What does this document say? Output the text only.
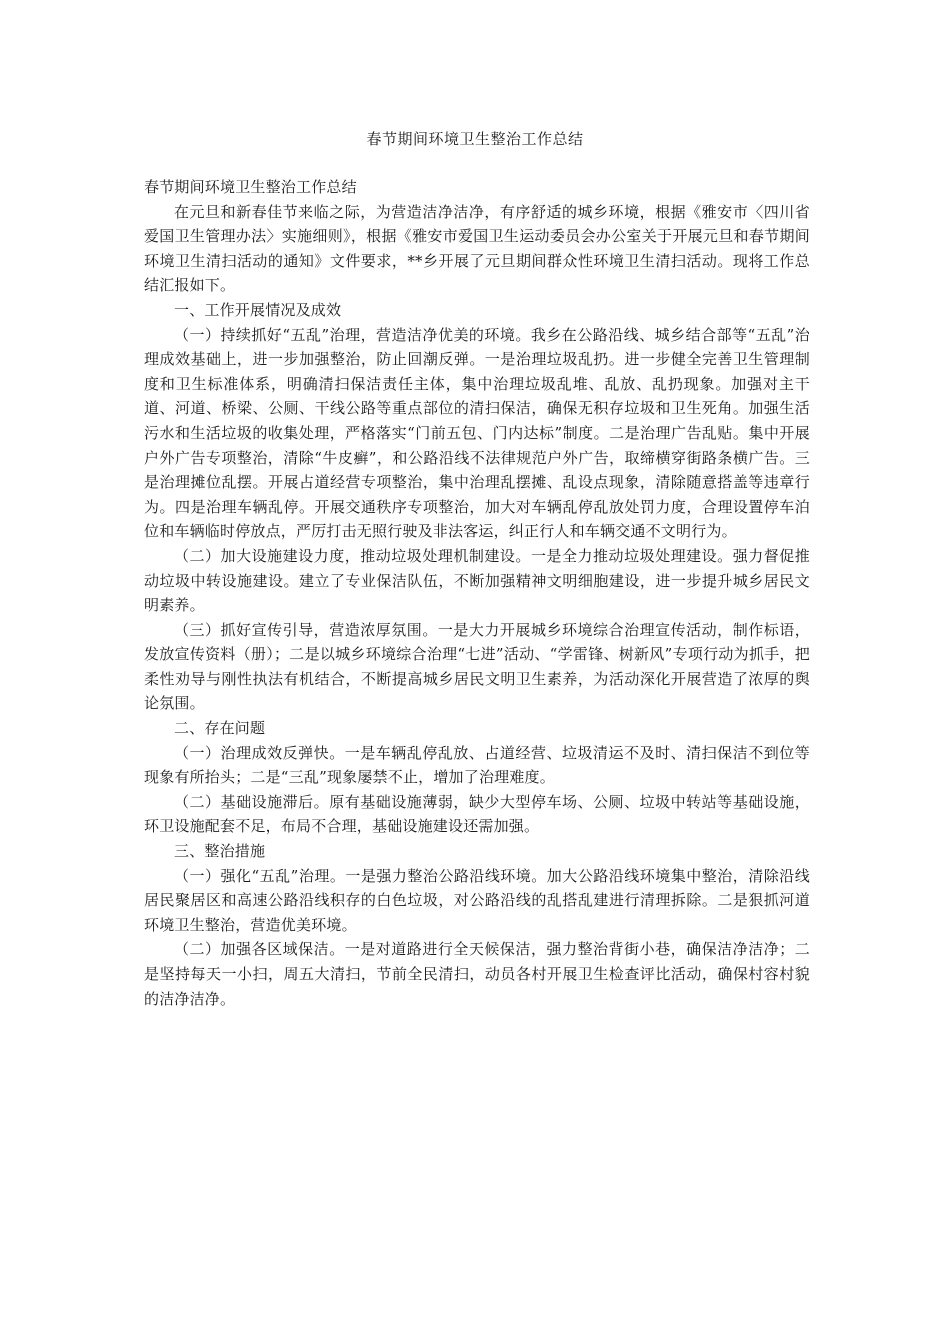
春节期间环境卫生整治工作总结

春节期间环境卫生整治工作总结

在元旦和新春佳节来临之际，为营造洁净洁净，有序舒适的城乡环境，根据《雅安市〈四川省爱国卫生管理办法〉实施细则》，根据《雅安市爱国卫生运动委员会办公室关于开展元旦和春节期间环境卫生清扫活动的通知》文件要求，**乡开展了元旦期间群众性环境卫生清扫活动。现将工作总结汇报如下。

一、工作开展情况及成效

（一）持续抓好“五乱”治理，营造洁净优美的环境。我乡在公路沿线、城乡结合部等“五乱”治理成效基础上，进一步加强整治，防止回潮反弹。一是治理垃圾乱扔。进一步健全完善卫生管理制度和卫生标准体系，明确清扫保洁责任主体，集中治理垃圾乱堆、乱放、乱扔现象。加强对主干道、河道、桥梁、公厕、干线公路等重点部位的清扫保洁，确保无积存垃圾和卫生死角。加强生活污水和生活垃圾的收集处理，严格落实“门前五包、门内达标”制度。二是治理广告乱贴。集中开展户外广告专项整治，清除“牛皮癣”，和公路沿线不法律规范户外广告，取缔横穿街路条横广告。三是治理摊位乱摆。开展占道经营专项整治，集中治理乱摆摊、乱设点现象，清除随意搭盖等违章行为。四是治理车辆乱停。开展交通秩序专项整治，加大对车辆乱停乱放处罚力度，合理设置停车泊位和车辆临时停放点，严厉打击无照行驶及非法客运，纠正行人和车辆交通不文明行为。

（二）加大设施建设力度，推动垃圾处理机制建设。一是全力推动垃圾处理建设。强力督促推动垃圾中转设施建设。建立了专业保洁队伍，不断加强精神文明细胞建设，进一步提升城乡居民文明素养。

（三）抓好宣传引导，营造浓厚氛围。一是大力开展城乡环境综合治理宣传活动，制作标语，发放宣传资料（册）；二是以城乡环境综合治理“七进”活动、“学雷锋、树新风”专项行动为抓手，把柔性劝导与刚性执法有机结合，不断提高城乡居民文明卫生素养，为活动深化开展营造了浓厚的舆论氛围。

二、存在问题

（一）治理成效反弹快。一是车辆乱停乱放、占道经营、垃圾清运不及时、清扫保洁不到位等现象有所抬头；二是“三乱”现象屡禁不止，增加了治理难度。

（二）基础设施滞后。原有基础设施薄弱，缺少大型停车场、公厕、垃圾中转站等基础设施，环卫设施配套不足，布局不合理，基础设施建设还需加强。

三、整治措施

（一）强化“五乱”治理。一是强力整治公路沿线环境。加大公路沿线环境集中整治，清除沿线居民聚居区和高速公路沿线积存的白色垃圾，对公路沿线的乱搭乱建进行清理拆除。二是狠抓河道环境卫生整治，营造优美环境。

（二）加强各区域保洁。一是对道路进行全天候保洁，强力整治背街小巷，确保洁净洁净；二是坚持每天一小扫，周五大清扫，节前全民清扫，动员各村开展卫生检查评比活动，确保村容村貌的洁净洁净。
